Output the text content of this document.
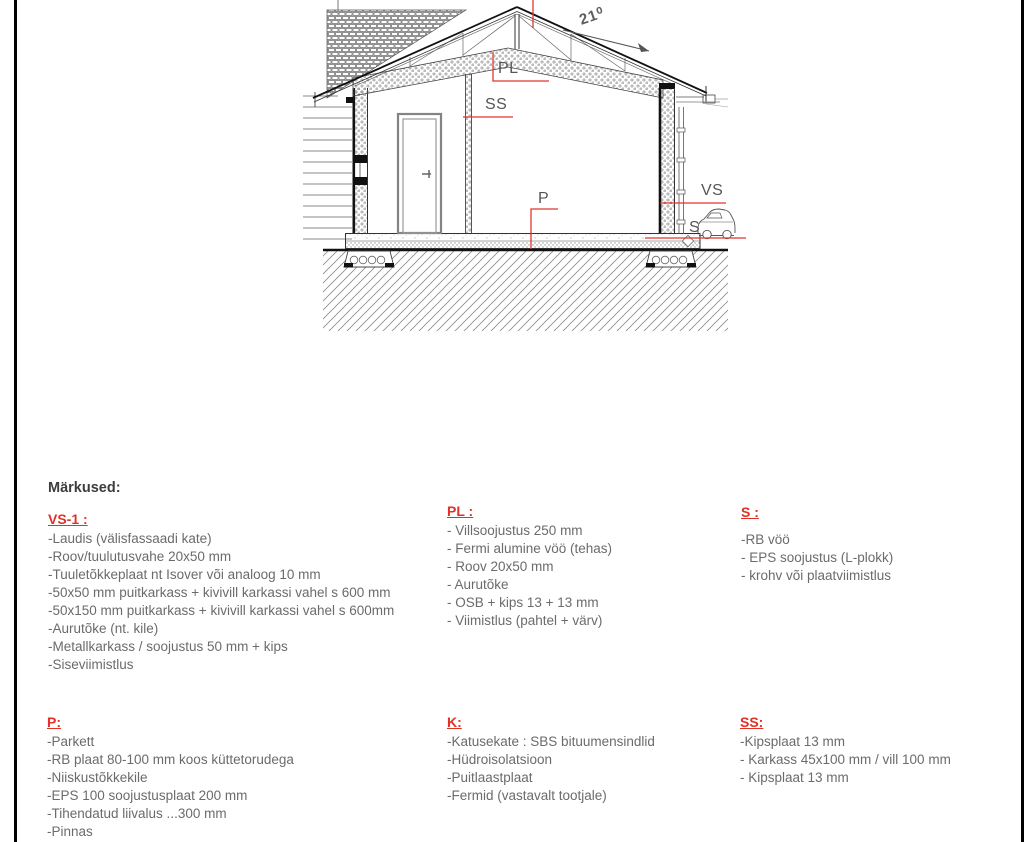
21⁰
PL
SS
P	VS
S
Märkused:
VS-1 :
-Laudis (välisfassaadi kate)
-Roov/tuulutusvahe 20x50 mm
-Tuuletõkkeplaat nt Isover või analoog 10 mm
-50x50 mm puitkarkass + kivivill karkassi vahel s 600 mm
-50x150 mm puitkarkass + kivivill karkassi vahel s 600mm
-Aurutõke (nt. kile)
-Metallkarkass / soojustus 50 mm + kips
-Siseviimistlus
PL :
- Villsoojustus 250 mm
- Fermi alumine vöö (tehas)
- Roov 20x50 mm
- Aurutõke
- OSB + kips 13 + 13 mm
- Viimistlus (pahtel + värv)
S :
-RB vöö
- EPS soojustus (L-plokk)
- krohv või plaatviimistlus
P:
-Parkett
-RB plaat 80-100 mm koos küttetorudega
-Niiskustõkkekile
-EPS 100 soojustusplaat 200 mm
-Tihendatud liivalus ...300 mm
-Pinnas
K:
-Katusekate : SBS bituumensindlid
-Hüdroisolatsioon
-Puitlaastplaat
-Fermid (vastavalt tootjale)
SS:
-Kipsplaat 13 mm
- Karkass 45x100 mm / vill 100 mm
- Kipsplaat 13 mm
